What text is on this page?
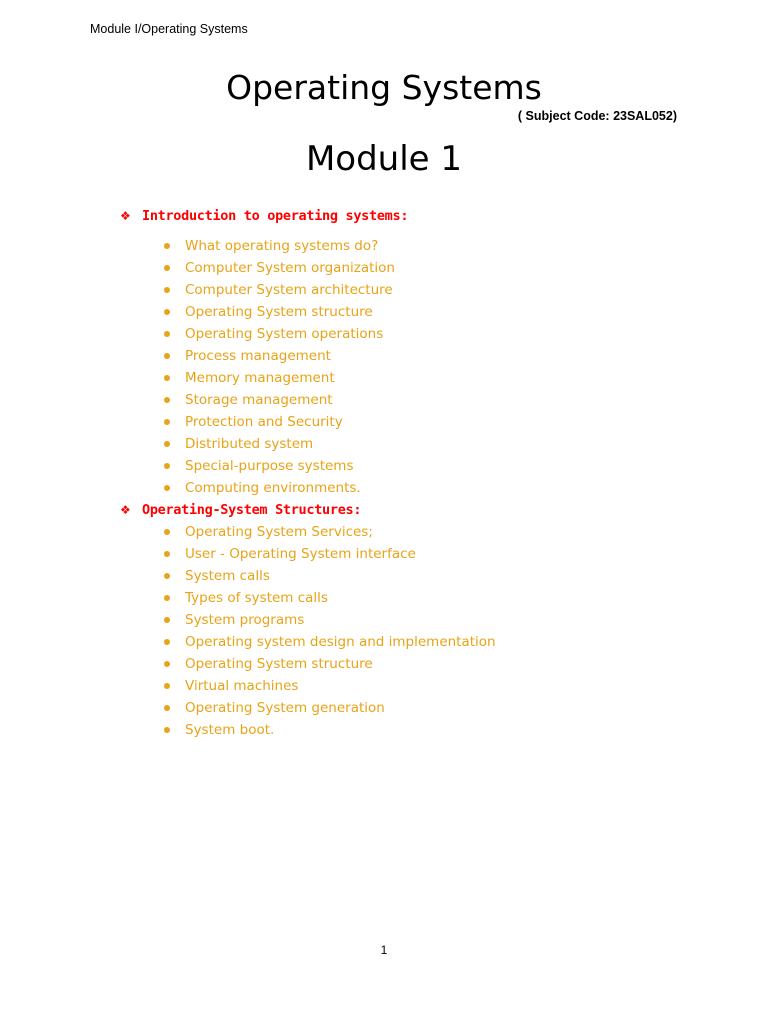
Module I/Operating Systems
Operating Systems
( Subject Code: 23SAL052)
Module 1
❖ Introduction to operating systems:
What operating systems do?
Computer System organization
Computer System architecture
Operating System structure
Operating System operations
Process management
Memory management
Storage management
Protection and Security
Distributed system
Special-purpose systems
Computing environments.
❖ Operating-System Structures:
Operating System Services;
User - Operating System interface
System calls
Types of system calls
System programs
Operating system design and implementation
Operating System structure
Virtual machines
Operating System generation
System boot.
1
